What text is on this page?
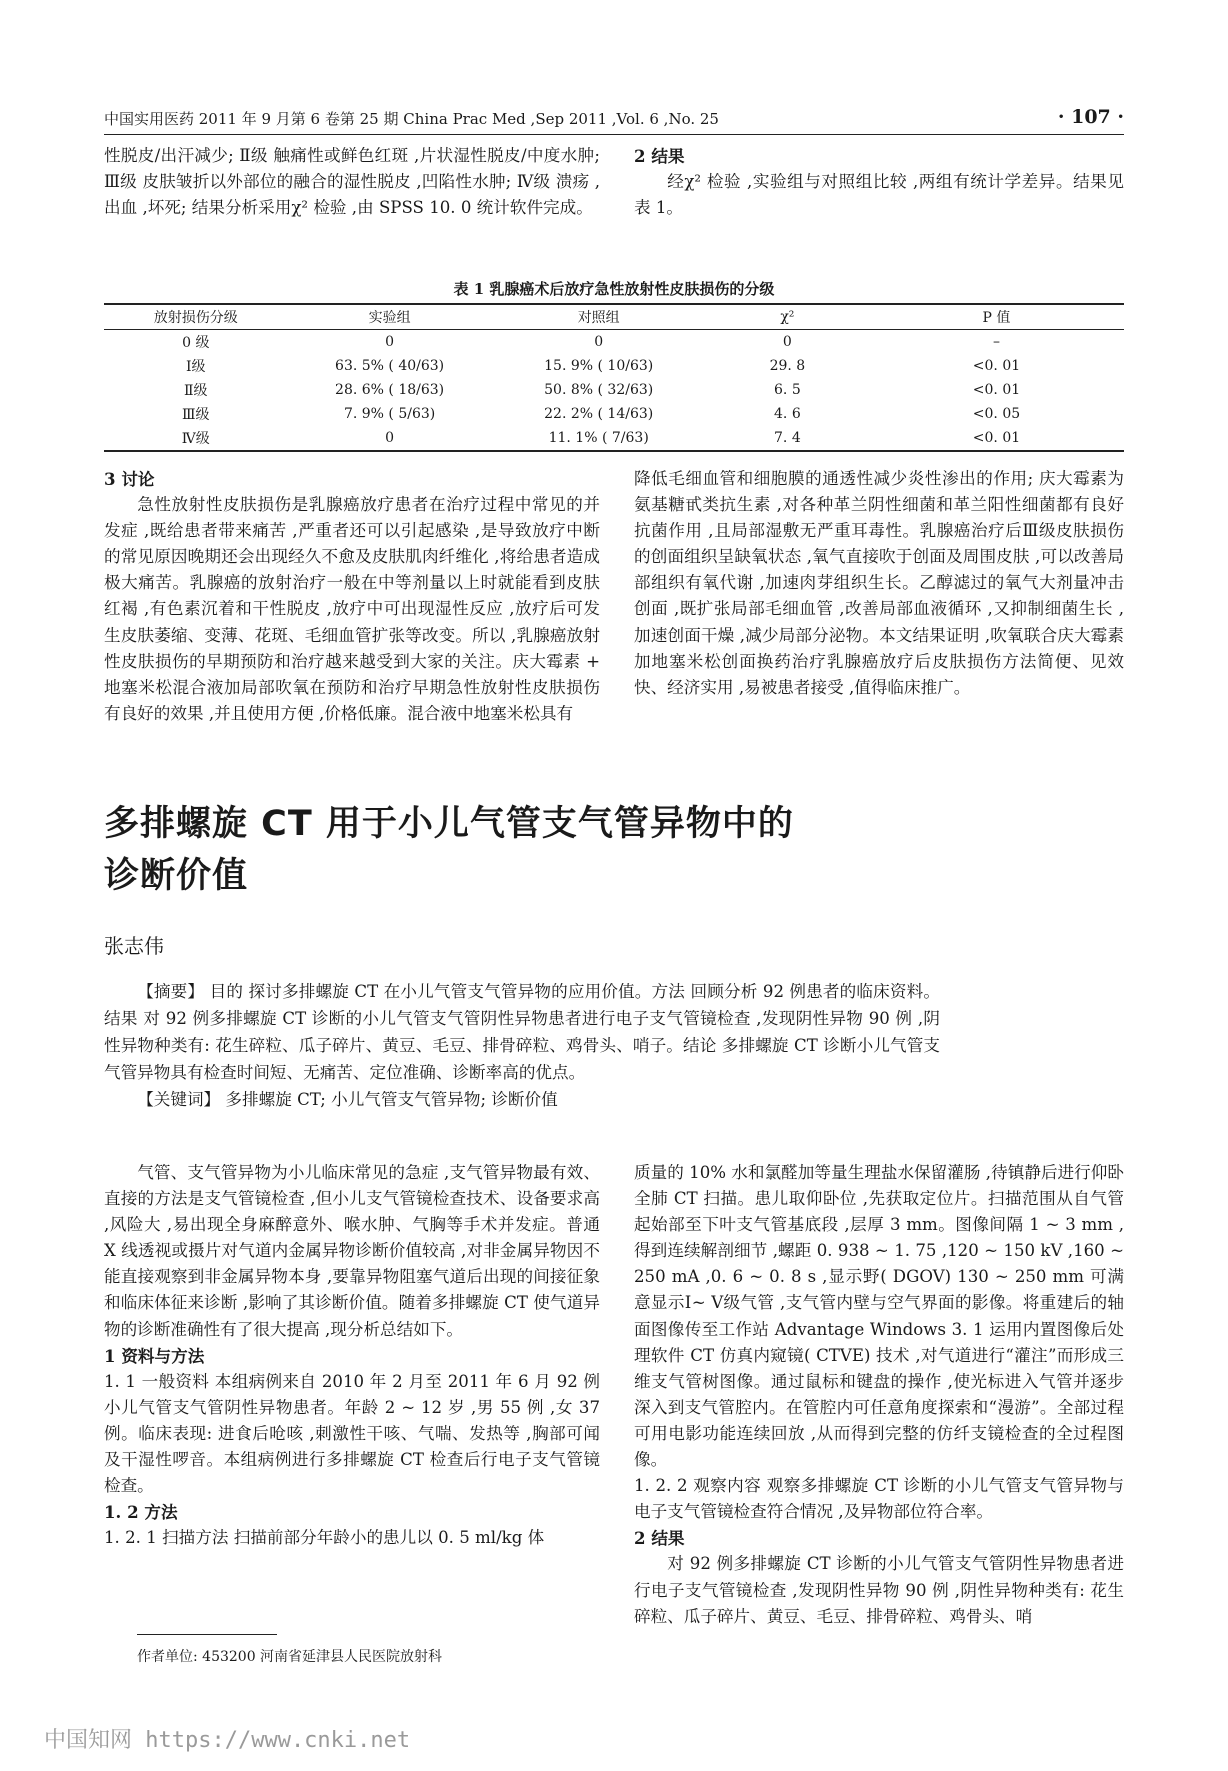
中国实用医药 2011 年 9 月第 6 卷第 25 期 China Prac Med ,Sep 2011 ,Vol. 6 ,No. 25	· 107 ·

性脱皮/出汗减少; Ⅱ级 触痛性或鲜色红斑 ,片状湿性脱皮/中度水肿; Ⅲ级 皮肤皱折以外部位的融合的湿性脱皮 ,凹陷性水肿; Ⅳ级 溃疡 ,出血 ,坏死; 结果分析采用χ² 检验 ,由 SPSS 10. 0 统计软件完成。

2 结果

经χ² 检验 ,实验组与对照组比较 ,两组有统计学差异。结果见表 1。

表 1 乳腺癌术后放疗急性放射性皮肤损伤的分级
放射损伤分级	实验组	对照组	χ²	P 值
0 级	0	0	0	–
Ⅰ级	63. 5% ( 40/63)	15. 9% ( 10/63)	29. 8	<0. 01
Ⅱ级	28. 6% ( 18/63)	50. 8% ( 32/63)	6. 5	<0. 01
Ⅲ级	7. 9% ( 5/63)	22. 2% ( 14/63)	4. 6	<0. 05
Ⅳ级	0	11. 1% ( 7/63)	7. 4	<0. 01

3 讨论

急性放射性皮肤损伤是乳腺癌放疗患者在治疗过程中常见的并发症 ,既给患者带来痛苦 ,严重者还可以引起感染 ,是导致放疗中断的常见原因晚期还会出现经久不愈及皮肤肌肉纤维化 ,将给患者造成极大痛苦。乳腺癌的放射治疗一般在中等剂量以上时就能看到皮肤红褐 ,有色素沉着和干性脱皮 ,放疗中可出现湿性反应 ,放疗后可发生皮肤萎缩、变薄、花斑、毛细血管扩张等改变。所以 ,乳腺癌放射性皮肤损伤的早期预防和治疗越来越受到大家的关注。庆大霉素 + 地塞米松混合液加局部吹氧在预防和治疗早期急性放射性皮肤损伤有良好的效果 ,并且使用方便 ,价格低廉。混合液中地塞米松具有

降低毛细血管和细胞膜的通透性减少炎性渗出的作用; 庆大霉素为氨基糖甙类抗生素 ,对各种革兰阴性细菌和革兰阳性细菌都有良好抗菌作用 ,且局部湿敷无严重耳毒性。乳腺癌治疗后Ⅲ级皮肤损伤的创面组织呈缺氧状态 ,氧气直接吹于创面及周围皮肤 ,可以改善局部组织有氧代谢 ,加速肉芽组织生长。乙醇滤过的氧气大剂量冲击创面 ,既扩张局部毛细血管 ,改善局部血液循环 ,又抑制细菌生长 ,加速创面干燥 ,减少局部分泌物。本文结果证明 ,吹氧联合庆大霉素加地塞米松创面换药治疗乳腺癌放疗后皮肤损伤方法简便、见效快、经济实用 ,易被患者接受 ,值得临床推广。

多排螺旋 CT 用于小儿气管支气管异物中的
诊断价值
张志伟

【摘要】 目的 探讨多排螺旋 CT 在小儿气管支气管异物的应用价值。方法 回顾分析 92 例患者的临床资料。结果 对 92 例多排螺旋 CT 诊断的小儿气管支气管阴性异物患者进行电子支气管镜检查 ,发现阴性异物 90 例 ,阴性异物种类有: 花生碎粒、瓜子碎片、黄豆、毛豆、排骨碎粒、鸡骨头、哨子。结论 多排螺旋 CT 诊断小儿气管支气管异物具有检查时间短、无痛苦、定位准确、诊断率高的优点。

【关键词】 多排螺旋 CT; 小儿气管支气管异物; 诊断价值

气管、支气管异物为小儿临床常见的急症 ,支气管异物最有效、直接的方法是支气管镜检查 ,但小儿支气管镜检查技术、设备要求高 ,风险大 ,易出现全身麻醉意外、喉水肿、气胸等手术并发症。普通 X 线透视或摄片对气道内金属异物诊断价值较高 ,对非金属异物因不能直接观察到非金属异物本身 ,要靠异物阻塞气道后出现的间接征象和临床体征来诊断 ,影响了其诊断价值。随着多排螺旋 CT 使气道异物的诊断准确性有了很大提高 ,现分析总结如下。

1 资料与方法

1. 1 一般资料 本组病例来自 2010 年 2 月至 2011 年 6 月 92 例小儿气管支气管阴性异物患者。年龄 2 ~ 12 岁 ,男 55 例 ,女 37 例。临床表现: 进食后呛咳 ,刺激性干咳、气喘、发热等 ,胸部可闻及干湿性啰音。本组病例进行多排螺旋 CT 检查后行电子支气管镜检查。

1. 2 方法

1. 2. 1 扫描方法 扫描前部分年龄小的患儿以 0. 5 ml/kg 体

质量的 10% 水和氯醛加等量生理盐水保留灌肠 ,待镇静后进行仰卧全肺 CT 扫描。患儿取仰卧位 ,先获取定位片。扫描范围从自气管起始部至下叶支气管基底段 ,层厚 3 mm。图像间隔 1 ~ 3 mm ,得到连续解剖细节 ,螺距 0. 938 ~ 1. 75 ,120 ~ 150 kV ,160 ~ 250 mA ,0. 6 ~ 0. 8 s ,显示野( DGOV) 130 ~ 250 mm 可满意显示Ⅰ~ Ⅴ级气管 ,支气管内壁与空气界面的影像。将重建后的轴面图像传至工作站 Advantage Windows 3. 1 运用内置图像后处理软件 CT 仿真内窥镜( CTVE) 技术 ,对气道进行“灌注”而形成三维支气管树图像。通过鼠标和键盘的操作 ,使光标进入气管并逐步深入到支气管腔内。在管腔内可任意角度探索和“漫游”。全部过程可用电影功能连续回放 ,从而得到完整的仿纤支镜检查的全过程图像。

1. 2. 2 观察内容 观察多排螺旋 CT 诊断的小儿气管支气管异物与电子支气管镜检查符合情况 ,及异物部位符合率。

2 结果

对 92 例多排螺旋 CT 诊断的小儿气管支气管阴性异物患者进行电子支气管镜检查 ,发现阴性异物 90 例 ,阴性异物种类有: 花生碎粒、瓜子碎片、黄豆、毛豆、排骨碎粒、鸡骨头、哨

作者单位: 453200 河南省延津县人民医院放射科
中国知网 https://www.cnki.net
